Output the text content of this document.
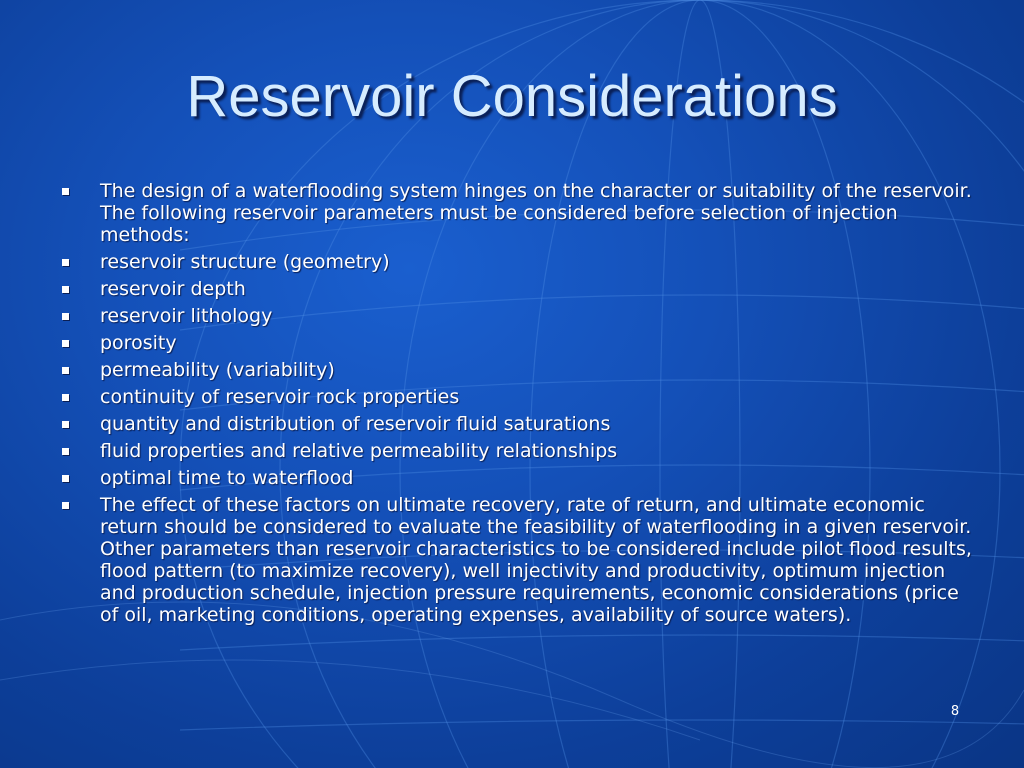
Reservoir Considerations
The design of a waterflooding system hinges on the character or suitability of the reservoir. The following reservoir parameters must be considered before selection of injection methods:
reservoir structure (geometry)
reservoir depth
reservoir lithology
porosity
permeability (variability)
continuity of reservoir rock properties
quantity and distribution of reservoir fluid saturations
fluid properties and relative permeability relationships
optimal time to waterflood
The effect of these factors on ultimate recovery, rate of return, and ultimate economic return should be considered to evaluate the feasibility of waterflooding in a given reservoir. Other parameters than reservoir characteristics to be considered include pilot flood results, flood pattern (to maximize recovery), well injectivity and productivity, optimum injection and production schedule, injection pressure requirements, economic considerations (price of oil, marketing conditions, operating expenses, availability of source waters).
8
